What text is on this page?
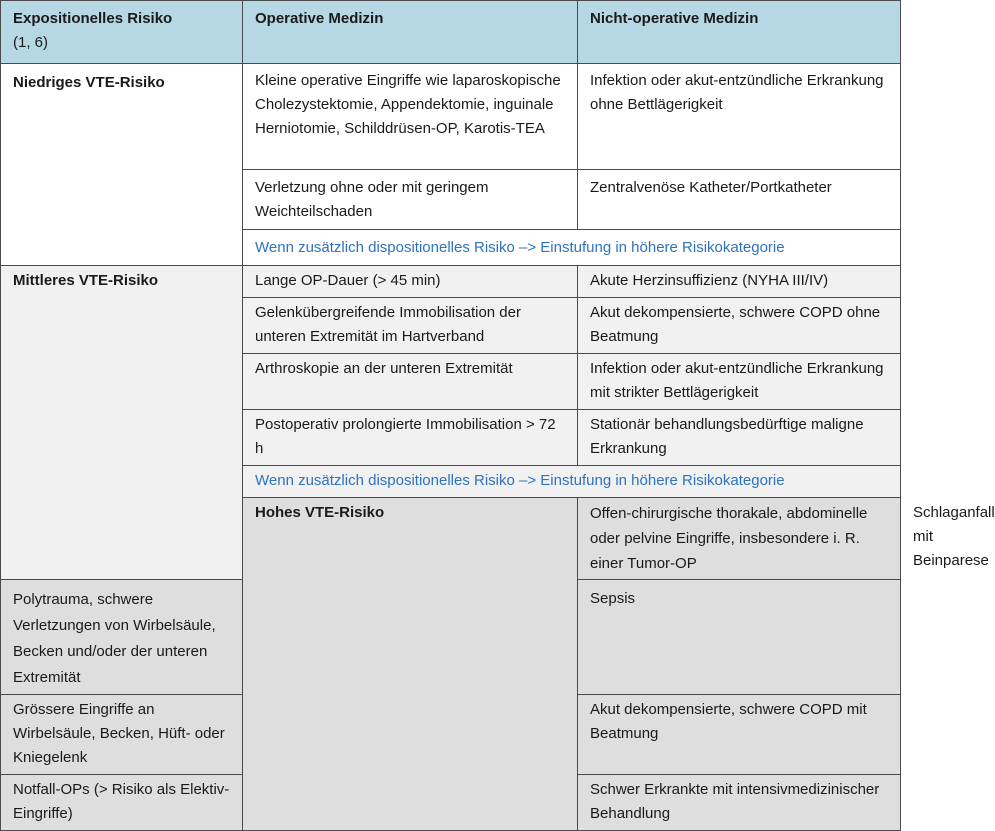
Expositionelles Risiko
(1, 6)	Operative Medizin	Nicht-operative Medizin	
Niedriges VTE-Risiko	Kleine operative Eingriffe wie laparoskopische Cholezystektomie, Appendektomie, inguinale Herniotomie, Schilddrüsen-OP, Karotis-TEA	Infektion oder akut-entzündliche Erkrankung ohne Bettlägerigkeit	
	Verletzung ohne oder mit geringem Weichteilschaden	Zentralvenöse Katheter/Portkatheter	
	Wenn zusätzlich dispositionelles Risiko –> Einstufung in höhere Risikokategorie		
Mittleres VTE-Risiko	Lange OP-Dauer (> 45 min)	Akute Herzinsuffizienz (NYHA III/IV)	
	Gelenkübergreifende Immobilisation der unteren Extremität im Hartverband	Akut dekompensierte, schwere COPD ohne Beatmung	
	Arthroskopie an der unteren Extremität	Infektion oder akut-entzündliche Erkrankung mit strikter Bettlägerigkeit	
	Postoperativ prolongierte Immobilisation > 72 h	Stationär behandlungsbedürftige maligne Erkrankung	
	Wenn zusätzlich dispositionelles Risiko –> Einstufung in höhere Risikokategorie		
	Hohes VTE-Risiko	Offen-chirurgische thorakale, abdominelle oder pelvine Eingriffe, insbesondere i. R. einer Tumor-OP	Schlaganfall mit Beinparese
Polytrauma, schwere Verletzungen von Wirbelsäule, Becken und/oder der unteren Extremität		Sepsis	
Grössere Eingriffe an Wirbelsäule, Becken, Hüft- oder Kniegelenk		Akut dekompensierte, schwere COPD mit Beatmung	
Notfall-OPs (> Risiko als Elektiv-Eingriffe)		Schwer Erkrankte mit intensivmedizinischer Behandlung	
